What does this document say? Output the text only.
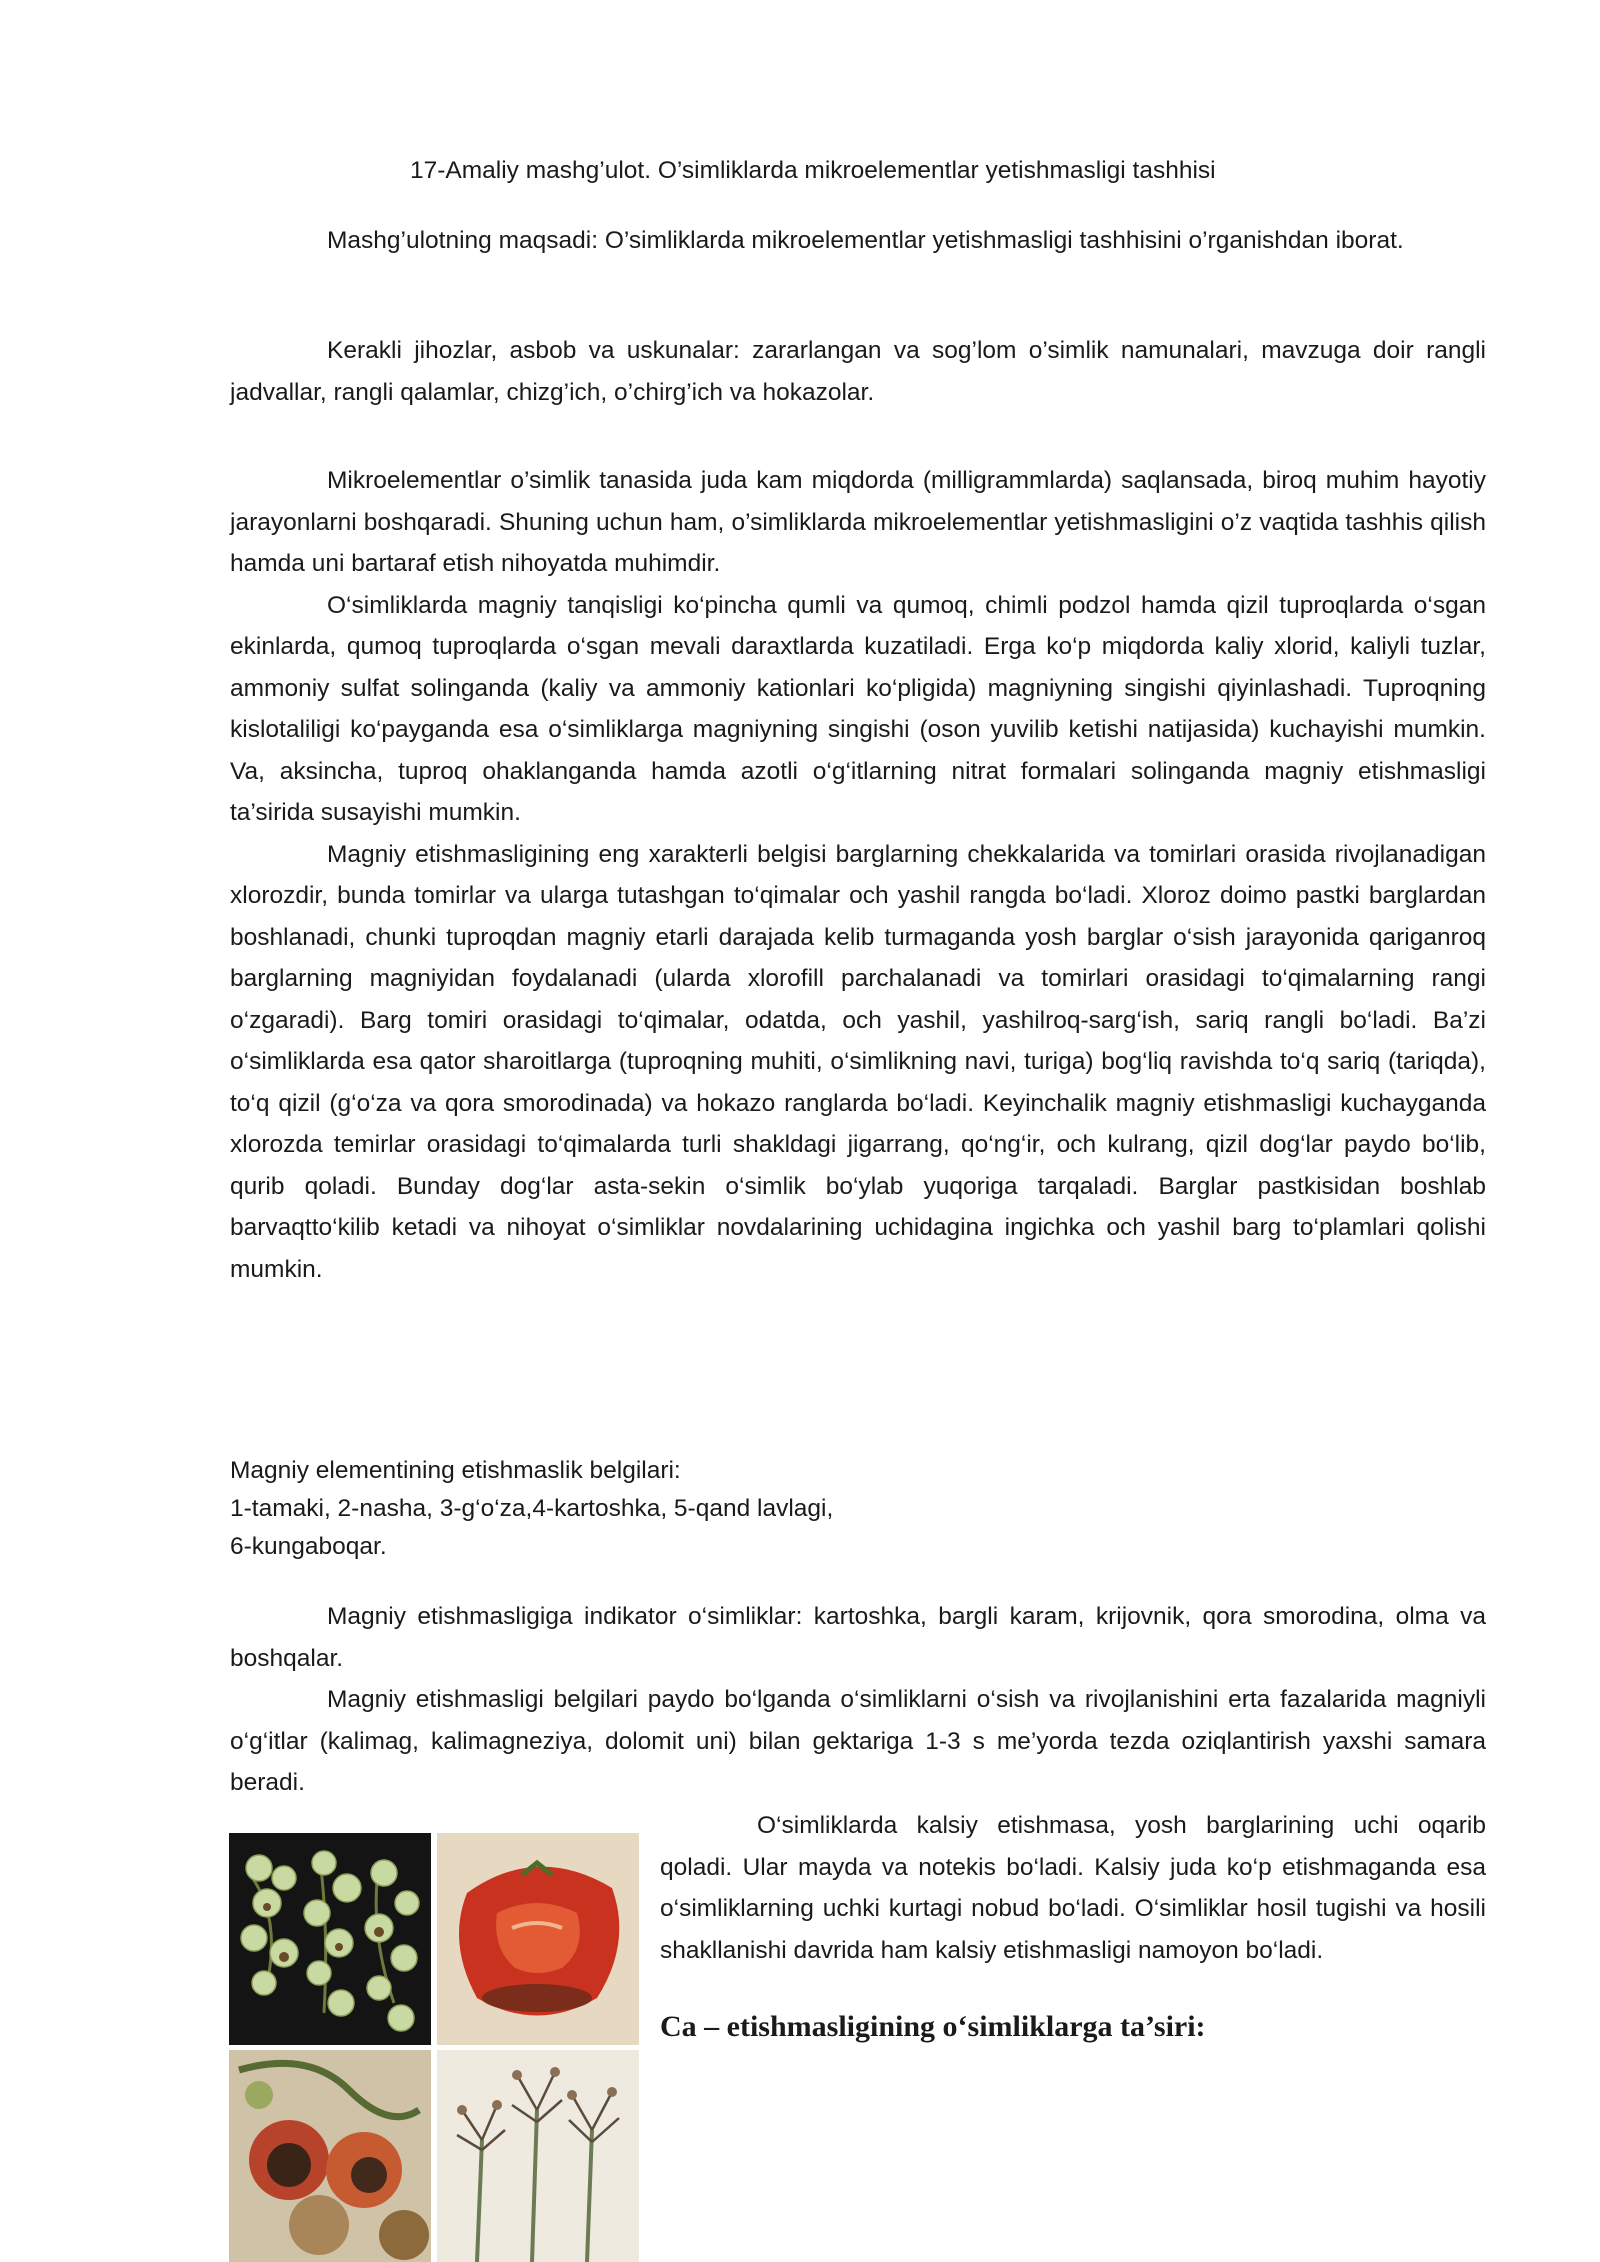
17-Amaliy mashg’ulot. O’simliklarda mikroelementlar yetishmasligi tashhisi

Mashg’ulotning maqsadi: O’simliklarda mikroelementlar yetishmasligi tashhisini o’rganishdan iborat.

Kerakli jihozlar, asbob va uskunalar: zararlangan va sog’lom o’simlik namunalari, mavzuga doir rangli jadvallar, rangli qalamlar, chizg’ich, o’chirg’ich va hokazolar.

Mikroelementlar o’simlik tanasida juda kam miqdorda (milligrammlarda) saqlansada, biroq muhim hayotiy jarayonlarni boshqaradi. Shuning uchun ham, o’simliklarda mikroelementlar yetishmasligini o’z vaqtida tashhis qilish hamda uni bartaraf etish nihoyatda muhimdir.

O‘simliklarda magniy tanqisligi ko‘pincha qumli va qumoq, chimli podzol hamda qizil tuproqlarda o‘sgan ekinlarda, qumoq tuproqlarda o‘sgan mevali daraxtlarda kuzatiladi. Erga ko‘p miqdorda kaliy xlorid, kaliyli tuzlar, ammoniy sulfat solinganda (kaliy va ammoniy kationlari ko‘pligida) magniyning singishi qiyinlashadi. Tuproqning kislotaliligi ko‘payganda esa o‘simliklarga magniyning singishi (oson yuvilib ketishi natijasida) kuchayishi mumkin. Va, aksincha, tuproq ohaklanganda hamda azotli o‘g‘itlarning nitrat formalari solinganda magniy etishmasligi ta’sirida susayishi mumkin.

Magniy etishmasligining eng xarakterli belgisi barglarning chekkalarida va tomirlari orasida rivojlanadigan xlorozdir, bunda tomirlar va ularga tutashgan to‘qimalar och yashil rangda bo‘ladi. Xloroz doimo pastki barglardan boshlanadi, chunki tuproqdan magniy etarli darajada kelib turmaganda yosh barglar o‘sish jarayonida qariganroq barglarning magniyidan foydalanadi (ularda xlorofill parchalanadi va tomirlari orasidagi to‘qimalarning rangi o‘zgaradi). Barg tomiri orasidagi to‘qimalar, odatda, och yashil, yashilroq-sarg‘ish, sariq rangli bo‘ladi. Ba’zi o‘simliklarda esa qator sharoitlarga (tuproqning muhiti, o‘simlikning navi, turiga) bog‘liq ravishda to‘q sariq (tariqda), to‘q qizil (g‘o‘za va qora smorodinada) va hokazo ranglarda bo‘ladi. Keyinchalik magniy etishmasligi kuchayganda xlorozda temirlar orasidagi to‘qimalarda turli shakldagi jigarrang, qo‘ng‘ir, och kulrang, qizil dog‘lar paydo bo‘lib, qurib qoladi. Bunday dog‘lar asta-sekin o‘simlik bo‘ylab yuqoriga tarqaladi. Barglar pastkisidan boshlab barvaqtto‘kilib ketadi va nihoyat o‘simliklar novdalarining uchidagina ingichka och yashil barg to‘plamlari qolishi mumkin.

Magniy elementining etishmaslik belgilari:

1-tamaki, 2-nasha, 3-g‘o‘za,4-kartoshka, 5-qand lavlagi,

6-kungaboqar.

Magniy etishmasligiga indikator o‘simliklar: kartoshka, bargli karam, krijovnik, qora smorodina, olma va boshqalar.

Magniy etishmasligi belgilari paydo bo‘lganda o‘simliklarni o‘sish va rivojlanishini erta fazalarida magniyli o‘g‘itlar (kalimag, kalimagneziya, dolomit uni) bilan gektariga 1-3 s me’yorda tezda oziqlantirish yaxshi samara beradi.

O‘simliklarda kalsiy etishmasa, yosh barglarining uchi oqarib qoladi. Ular mayda va notekis bo‘ladi. Kalsiy juda ko‘p etishmaganda esa o‘simliklarning uchki kurtagi nobud bo‘ladi. O‘simliklar hosil tugishi va hosili shakllanishi davrida ham kalsiy etishmasligi namoyon bo‘ladi.

Ca – etishmasligining o‘simliklarga ta’siri:
